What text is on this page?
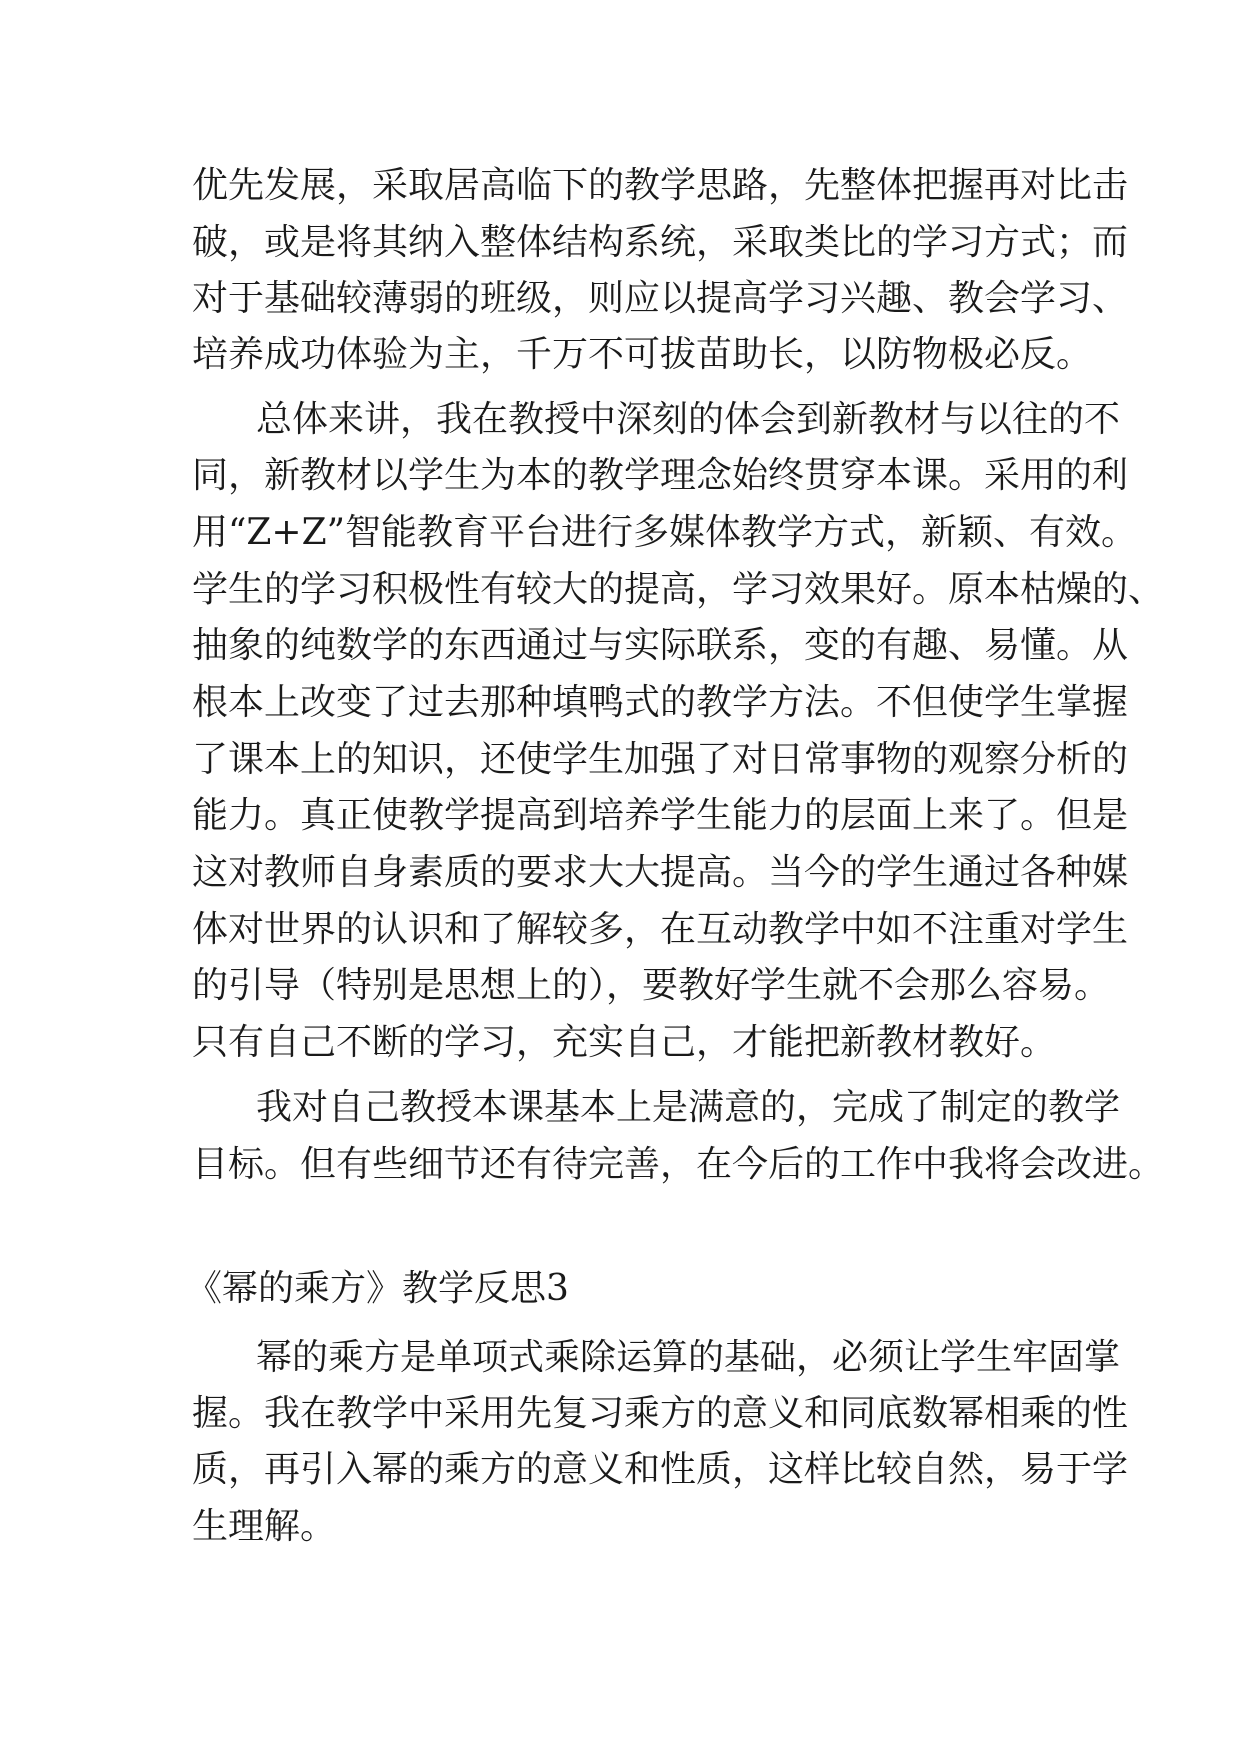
优先发展，采取居高临下的教学思路，先整体把握再对比击
破，或是将其纳入整体结构系统，采取类比的学习方式；而
对于基础较薄弱的班级，则应以提高学习兴趣、教会学习、
培养成功体验为主，千万不可拔苗助长，以防物极必反。
总体来讲，我在教授中深刻的体会到新教材与以往的不
同，新教材以学生为本的教学理念始终贯穿本课。采用的利
用“Z+Z”智能教育平台进行多媒体教学方式，新颖、有效。
学生的学习积极性有较大的提高，学习效果好。原本枯燥的、
抽象的纯数学的东西通过与实际联系，变的有趣、易懂。从
根本上改变了过去那种填鸭式的教学方法。不但使学生掌握
了课本上的知识，还使学生加强了对日常事物的观察分析的
能力。真正使教学提高到培养学生能力的层面上来了。但是
这对教师自身素质的要求大大提高。当今的学生通过各种媒
体对世界的认识和了解较多，在互动教学中如不注重对学生
的引导（特别是思想上的），要教好学生就不会那么容易。
只有自己不断的学习，充实自己，才能把新教材教好。
我对自己教授本课基本上是满意的，完成了制定的教学
目标。但有些细节还有待完善，在今后的工作中我将会改进。
《幂的乘方》教学反思3
幂的乘方是单项式乘除运算的基础，必须让学生牢固掌
握。我在教学中采用先复习乘方的意义和同底数幂相乘的性
质，再引入幂的乘方的意义和性质，这样比较自然，易于学
生理解。
